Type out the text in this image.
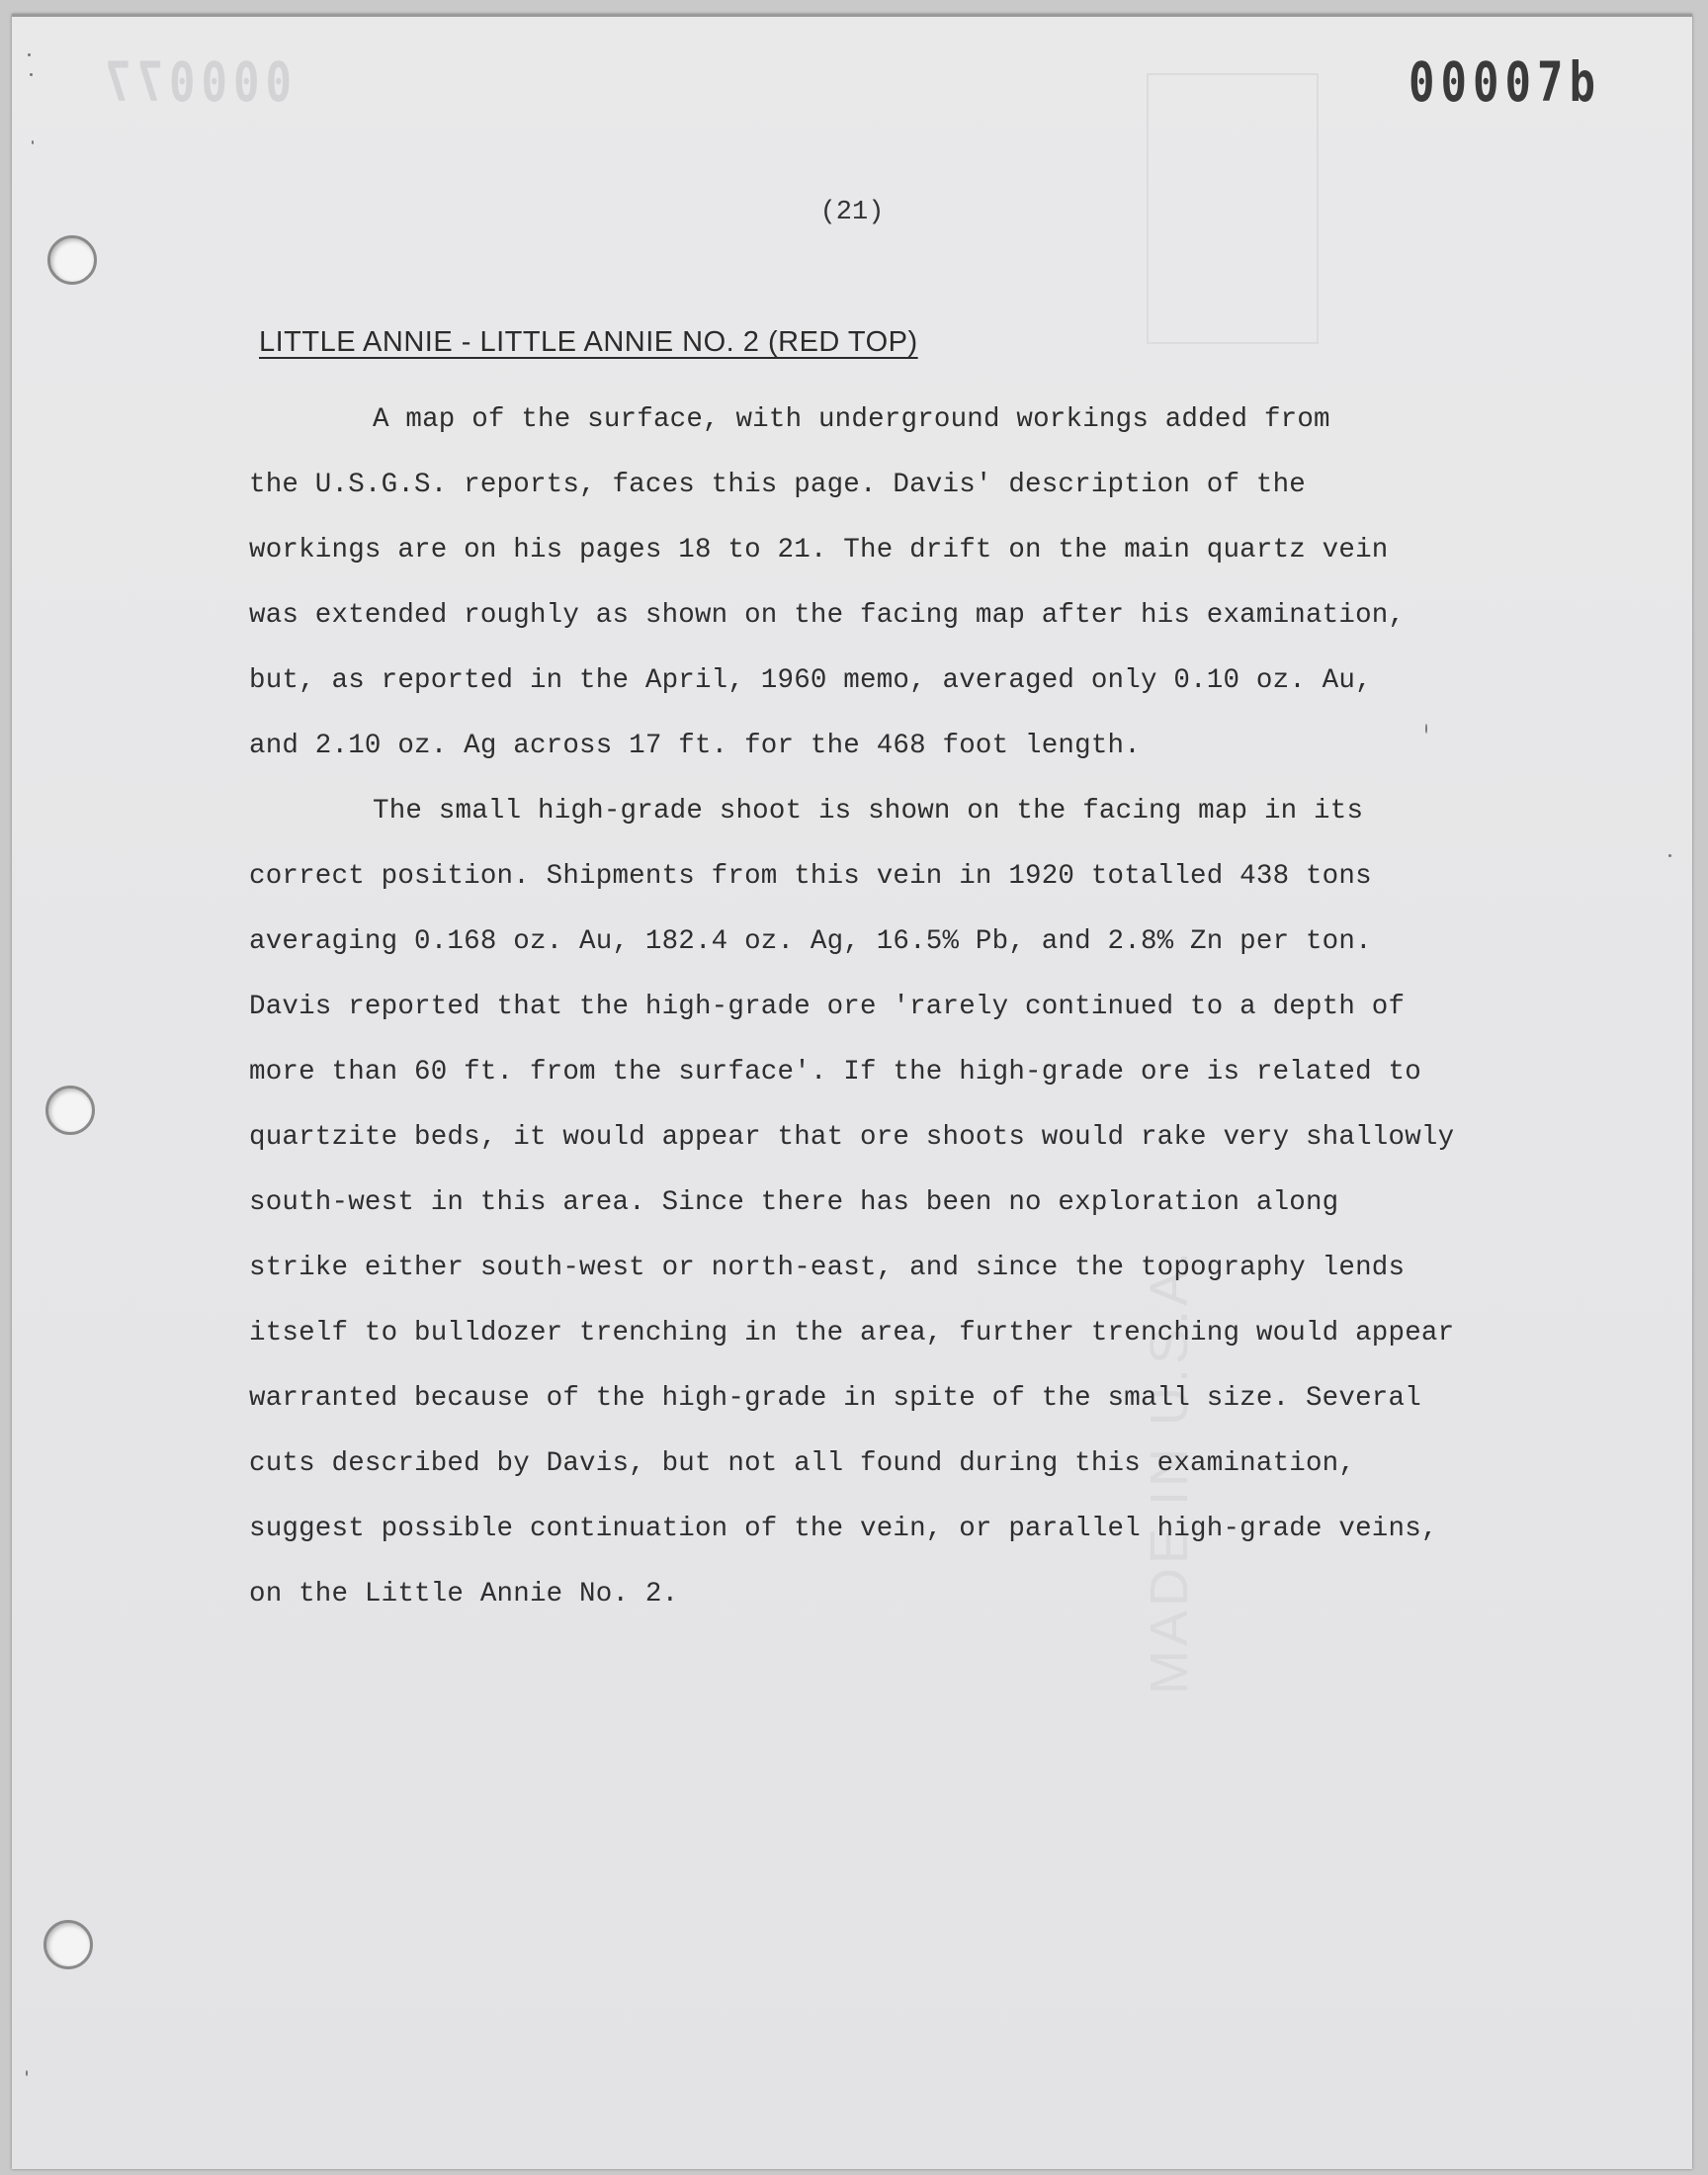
000077
MADE IN U.S.A.
00007b
(21)
LITTLE ANNIE - LITTLE ANNIE NO. 2 (RED TOP)
A map of the surface, with underground workings added from
the U.S.G.S. reports, faces this page. Davis' description of the
workings are on his pages 18 to 21. The drift on the main quartz vein
was extended roughly as shown on the facing map after his examination,
but, as reported in the April, 1960 memo, averaged only 0.10 oz. Au,
and 2.10 oz. Ag across 17 ft. for the 468 foot length.
The small high-grade shoot is shown on the facing map in its
correct position. Shipments from this vein in 1920 totalled 438 tons
averaging 0.168 oz. Au, 182.4 oz. Ag, 16.5% Pb, and 2.8% Zn per ton.
Davis reported that the high-grade ore 'rarely continued to a depth of
more than 60 ft. from the surface'. If the high-grade ore is related to
quartzite beds, it would appear that ore shoots would rake very shallowly
south-west in this area. Since there has been no exploration along
strike either south-west or north-east, and since the topography lends
itself to bulldozer trenching in the area, further trenching would appear
warranted because of the high-grade in spite of the small size. Several
cuts described by Davis, but not all found during this examination,
suggest possible continuation of the vein, or parallel high-grade veins,
on the Little Annie No. 2.
